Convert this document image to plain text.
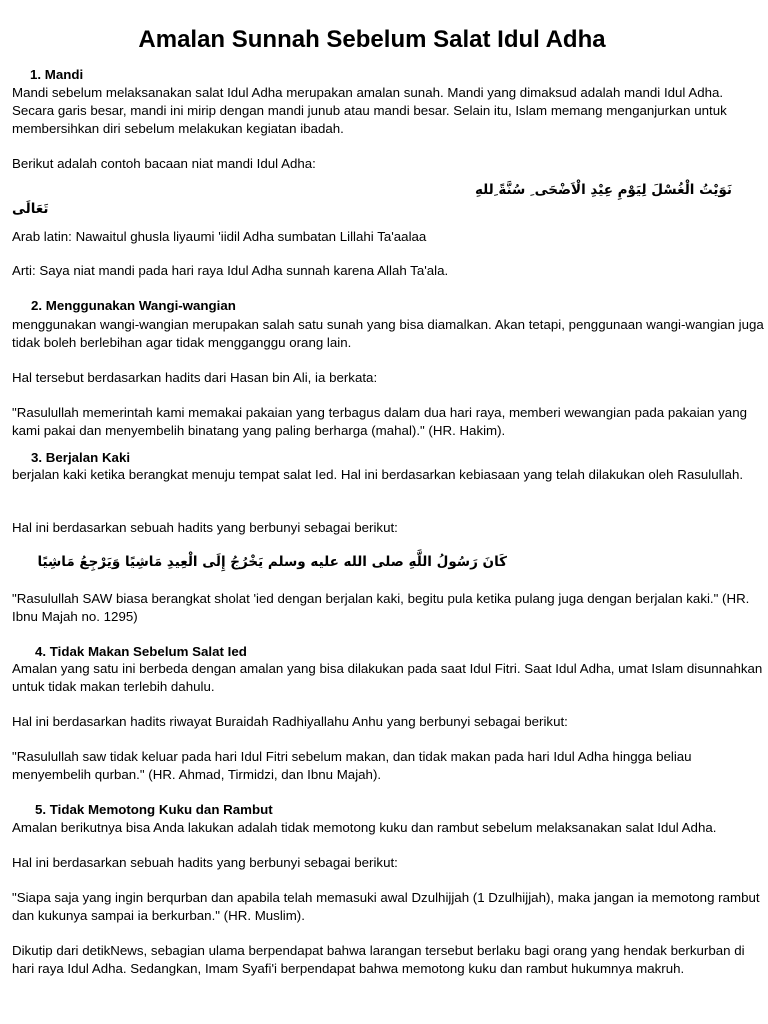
Amalan Sunnah Sebelum Salat Idul Adha
1. Mandi

Mandi sebelum melaksanakan salat Idul Adha merupakan amalan sunah. Mandi yang dimaksud adalah mandi Idul Adha. Secara garis besar, mandi ini mirip dengan mandi junub atau mandi besar. Selain itu, Islam memang menganjurkan untuk membersihkan diri sebelum melakukan kegiatan ibadah.

Berikut adalah contoh bacaan niat mandi Idul Adha:

نَوَيْتُ الْغُسْلَ لِيَوْمِ عِيْدِ الْاَضْحَى ِ سُنَّةً ِللهِ

تَعَالَى

Arab latin: Nawaitul ghusla liyaumi 'iidil Adha sumbatan Lillahi Ta'aalaa

Arti: Saya niat mandi pada hari raya Idul Adha sunnah karena Allah Ta'ala.

2. Menggunakan Wangi-wangian

menggunakan wangi-wangian merupakan salah satu sunah yang bisa diamalkan. Akan tetapi, penggunaan wangi-wangian juga tidak boleh berlebihan agar tidak mengganggu orang lain.

Hal tersebut berdasarkan hadits dari Hasan bin Ali, ia berkata:

"Rasulullah memerintah kami memakai pakaian yang terbagus dalam dua hari raya, memberi wewangian pada pakaian yang kami pakai dan menyembelih binatang yang paling berharga (mahal)." (HR. Hakim).

3. Berjalan Kaki

berjalan kaki ketika berangkat menuju tempat salat Ied. Hal ini berdasarkan kebiasaan yang telah dilakukan oleh Rasulullah.

Hal ini berdasarkan sebuah hadits yang berbunyi sebagai berikut:

كَانَ رَسُولُ اللَّهِ صلى الله عليه وسلم يَخْرُجُ إِلَى الْعِيدِ مَاشِيًا وَيَرْجِعُ مَاشِيًا

"Rasulullah SAW biasa berangkat sholat 'ied dengan berjalan kaki, begitu pula ketika pulang juga dengan berjalan kaki." (HR. Ibnu Majah no. 1295)

4. Tidak Makan Sebelum Salat Ied

Amalan yang satu ini berbeda dengan amalan yang bisa dilakukan pada saat Idul Fitri. Saat Idul Adha, umat Islam disunnahkan untuk tidak makan terlebih dahulu.

Hal ini berdasarkan hadits riwayat Buraidah Radhiyallahu Anhu yang berbunyi sebagai berikut:

"Rasulullah saw tidak keluar pada hari Idul Fitri sebelum makan, dan tidak makan pada hari Idul Adha hingga beliau menyembelih qurban." (HR. Ahmad, Tirmidzi, dan Ibnu Majah).

5. Tidak Memotong Kuku dan Rambut

Amalan berikutnya bisa Anda lakukan adalah tidak memotong kuku dan rambut sebelum melaksanakan salat Idul Adha.

Hal ini berdasarkan sebuah hadits yang berbunyi sebagai berikut:

"Siapa saja yang ingin berqurban dan apabila telah memasuki awal Dzulhijjah (1 Dzulhijjah), maka jangan ia memotong rambut dan kukunya sampai ia berkurban." (HR. Muslim).

Dikutip dari detikNews, sebagian ulama berpendapat bahwa larangan tersebut berlaku bagi orang yang hendak berkurban di hari raya Idul Adha. Sedangkan, Imam Syafi'i berpendapat bahwa memotong kuku dan rambut hukumnya makruh.
